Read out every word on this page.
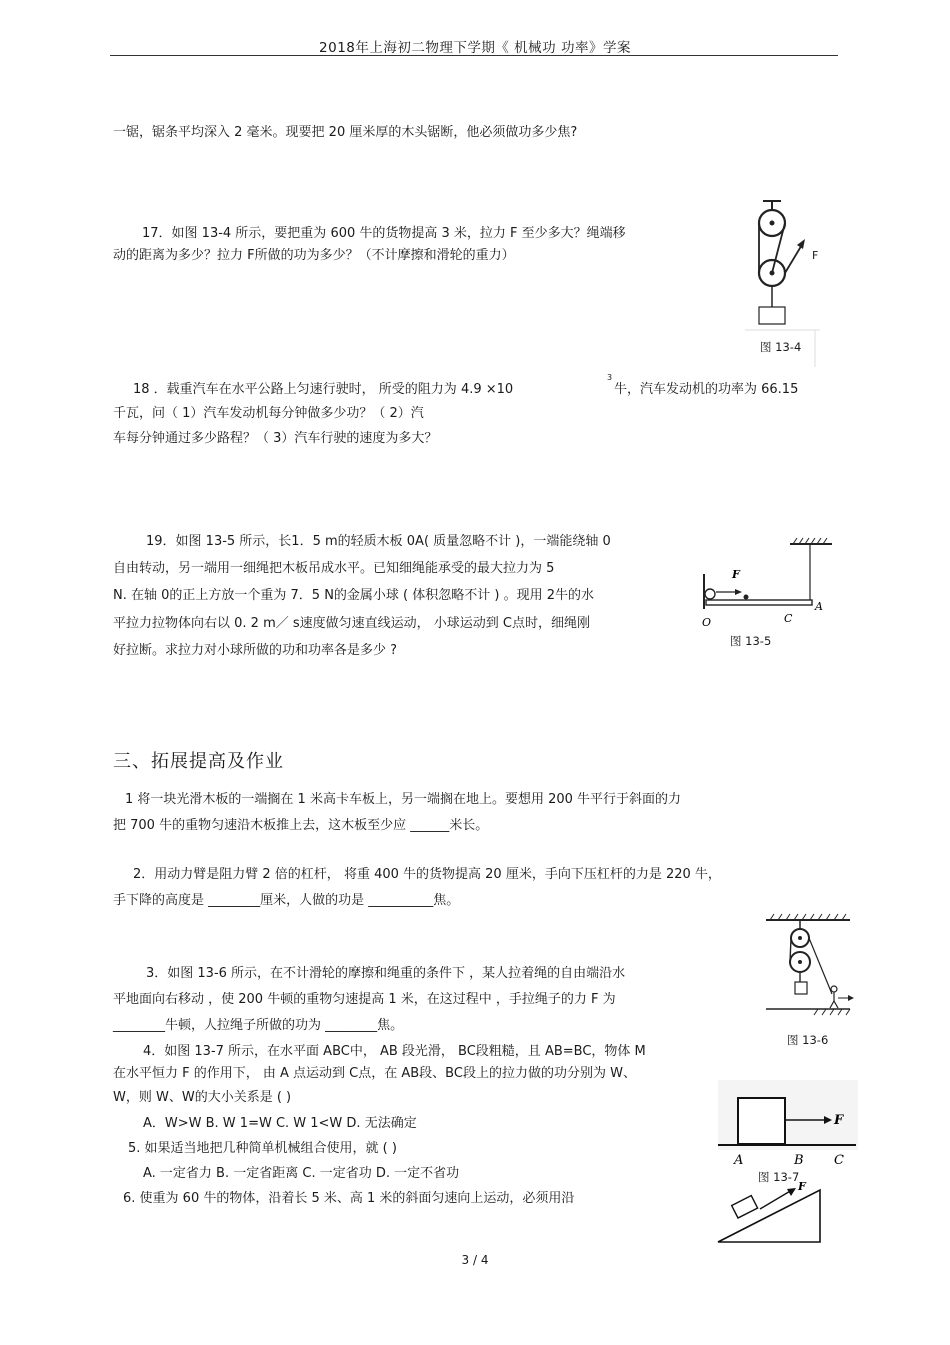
2018年上海初二物理下学期《 机械功 功率》学案
一锯，锯条平均深入 2 毫米。现要把 20 厘米厚的木头锯断，他必须做功多少焦?
17．如图 13-4 所示，要把重为 600 牛的货物提高 3 米，拉力 F 至少多大？绳端移
动的距离为多少？拉力 F所做的功为多少？（不计摩擦和滑轮的重力）
18 ．载重汽车在水平公路上匀速行驶时， 所受的阻力为 4.9 ×10
3
牛，汽车发动机的功率为 66.15
千瓦，问（ 1）汽车发动机每分钟做多少功？（ 2）汽
车每分钟通过多少路程？（ 3）汽车行驶的速度为多大？
19．如图 13-5 所示，长1．5 m的轻质木板 0A( 质量忽略不计 )，一端能绕轴 0
自由转动，另一端用一细绳把木板吊成水平。已知细绳能承受的最大拉力为 5
N. 在轴 0的正上方放一个重为 7．5 N的金属小球 ( 体积忽略不计 ) 。现用 2牛的水
平拉力拉物体向右以 0. 2 m／ s速度做匀速直线运动， 小球运动到 C点时，细绳刚
好拉断。求拉力对小球所做的功和功率各是多少 ?
三、拓展提高及作业
1 将一块光滑木板的一端搁在 1 米高卡车板上，另一端搁在地上。要想用 200 牛平行于斜面的力
把 700 牛的重物匀速沿木板推上去，这木板至少应 ______米长。
2．用动力臂是阻力臂 2 倍的杠杆， 将重 400 牛的货物提高 20 厘米，手向下压杠杆的力是 220 牛，
手下降的高度是 ________厘米，人做的功是 __________焦。
3．如图 13-6 所示，在不计滑轮的摩擦和绳重的条件下 ，某人拉着绳的自由端沿水
平地面向右移动 ，使 200 牛顿的重物匀速提高 1 米，在这过程中 ，手拉绳子的力 F 为
________牛顿，人拉绳子所做的功为 ________焦。
4．如图 13-7 所示，在水平面 ABC中， AB 段光滑， BC段粗糙，且 AB=BC，物体 M
在水平恒力 F 的作用下， 由 A 点运动到 C点，在 AB段、BC段上的拉力做的功分别为 W、
W，则 W、W的大小关系是 ( )
A．W>W B. W 1=W C. W 1<W D. 无法确定
5. 如果适当地把几种简单机械组合使用，就 ( )
A. 一定省力 B. 一定省距离 C. 一定省功 D. 一定不省功
6. 使重为 60 牛的物体，沿着长 5 米、高 1 米的斜面匀速向上运动，必须用沿
F
图 13-4
F
O	C
A
图 13-5
图 13-6
F
A	B C
图 13-7
F
3 / 4
